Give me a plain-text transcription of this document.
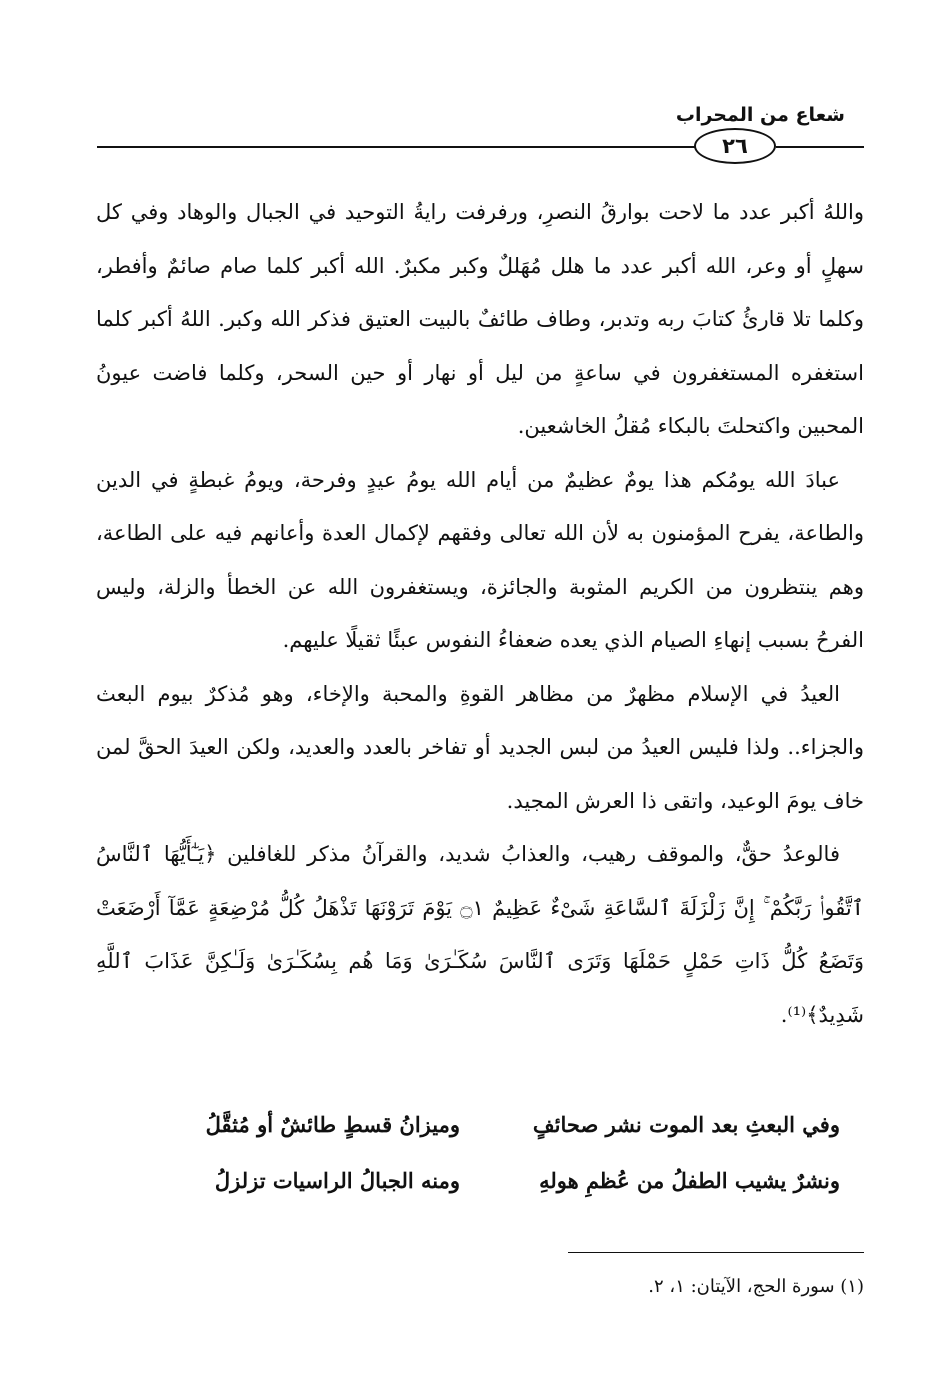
شعاع من المحراب
٢٦

واللهُ أكبر عدد ما لاحت بوارقُ النصرِ، ورفرفت رايةُ التوحيد في الجبال والوهاد وفي كل سهلٍ أو وعر، الله أكبر عدد ما هلل مُهَللٌ وكبر مكبرٌ. الله أكبر كلما صام صائمٌ وأفطر، وكلما تلا قارئُ كتابَ ربه وتدبر، وطاف طائفٌ بالبيت العتيق فذكر الله وكبر. اللهُ أكبر كلما استغفره المستغفرون في ساعةٍ من ليل أو نهار أو حين السحر، وكلما فاضت عيونُ المحبين واكتحلتَ بالبكاء مُقلُ الخاشعين.

عبادَ الله يومُكم هذا يومٌ عظيمٌ من أيام الله يومُ عيدٍ وفرحة، ويومُ غبطةٍ في الدين والطاعة، يفرح المؤمنون به لأن الله تعالى وفقهم لإكمال العدة وأعانهم فيه على الطاعة، وهم ينتظرون من الكريم المثوبة والجائزة، ويستغفرون الله عن الخطأ والزلة، وليس الفرحُ بسبب إنهاءِ الصيام الذي يعده ضعفاءُ النفوس عبئًا ثقيلًا عليهم.

العيدُ في الإسلام مظهرٌ من مظاهر القوةِ والمحبة والإخاء، وهو مُذكرٌ بيوم البعث والجزاء.. ولذا فليس العيدُ من لبس الجديد أو تفاخر بالعدد والعديد، ولكن العيدَ الحقَّ لمن خاف يومَ الوعيد، واتقى ذا العرش المجيد.

فالوعدُ حقٌّ، والموقف رهيب، والعذابُ شديد، والقرآنُ مذكر للغافلين ﴿يَـٰٓأَيُّهَا ٱلنَّاسُ ٱتَّقُوا۟ رَبَّكُمْ ۚ إِنَّ زَلْزَلَةَ ٱلسَّاعَةِ شَىْءٌ عَظِيمٌ ۝١ يَوْمَ تَرَوْنَهَا تَذْهَلُ كُلُّ مُرْضِعَةٍ عَمَّآ أَرْضَعَتْ وَتَضَعُ كُلُّ ذَاتِ حَمْلٍ حَمْلَهَا وَتَرَى ٱلنَّاسَ سُكَـٰرَىٰ وَمَا هُم بِسُكَـٰرَىٰ وَلَـٰكِنَّ عَذَابَ ٱللَّهِ شَدِيدٌ﴾⁽¹⁾.

وفي البعثِ بعد الموت نشر صحائفٍ
وميزانُ قسطٍ طائشٌ أو مُثقَّلُ
ونشرٌ يشيب الطفلُ من عُظمِ هولهِ
ومنه الجبالُ الراسيات تزلزلُ
(١) سورة الحج، الآيتان: ١، ٢.
